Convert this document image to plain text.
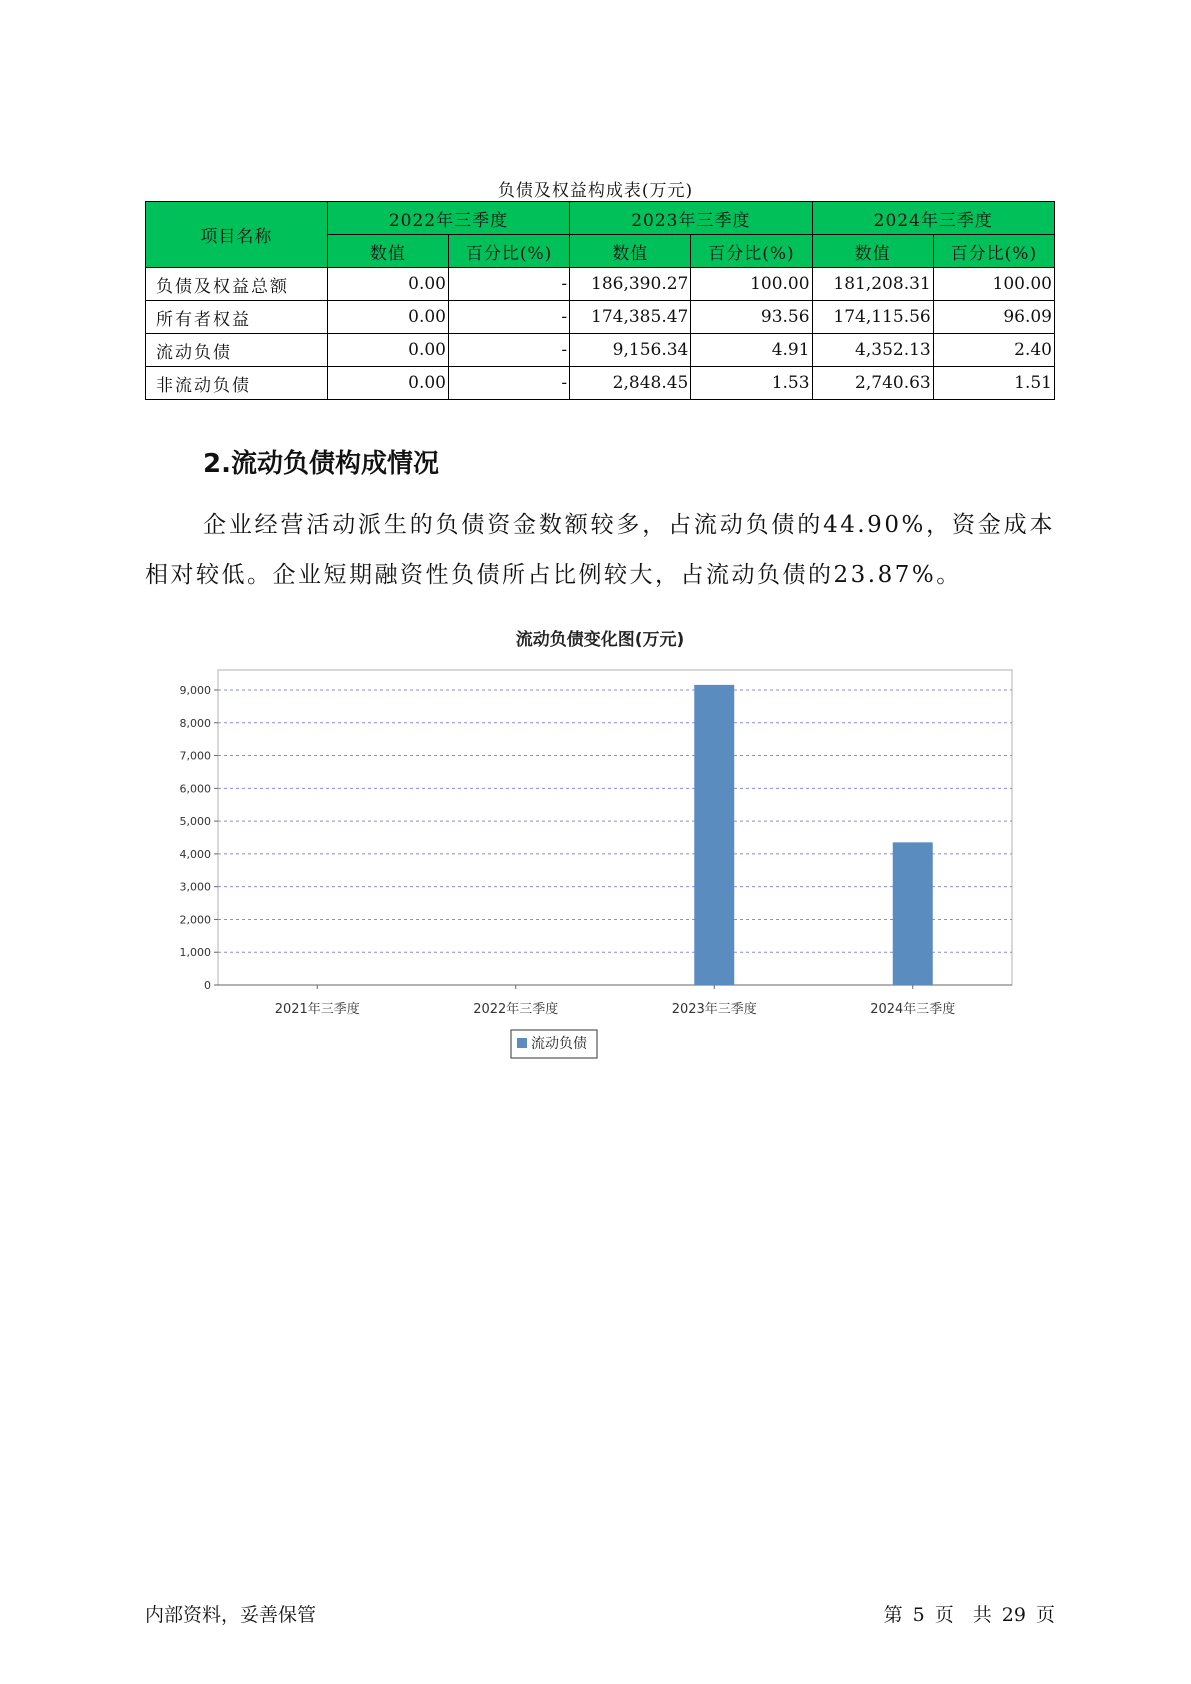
负债及权益构成表(万元)
项目名称	2022年三季度		2023年三季度		2024年三季度	
	数值	百分比(%)	数值	百分比(%)	数值	百分比(%)
负债及权益总额	0.00	-	186,390.27	100.00	181,208.31	100.00
所有者权益	0.00	-	174,385.47	93.56	174,115.56	96.09
流动负债	0.00	-	9,156.34	4.91	4,352.13	2.40
非流动负债	0.00	-	2,848.45	1.53	2,740.63	1.51
2.流动负债构成情况
企业经营活动派生的负债资金数额较多，占流动负债的44.90%，资金成本相对较低。企业短期融资性负债所占比例较大，占流动负债的23.87%。
流动负债变化图(万元)
0
1,000
2,000
3,000
4,000
5,000
6,000
7,000
8,000
9,000
2021年三季度	2022年三季度	2023年三季度	2024年三季度
流动负债
内部资料，妥善保管	第 5 页　共 29 页
